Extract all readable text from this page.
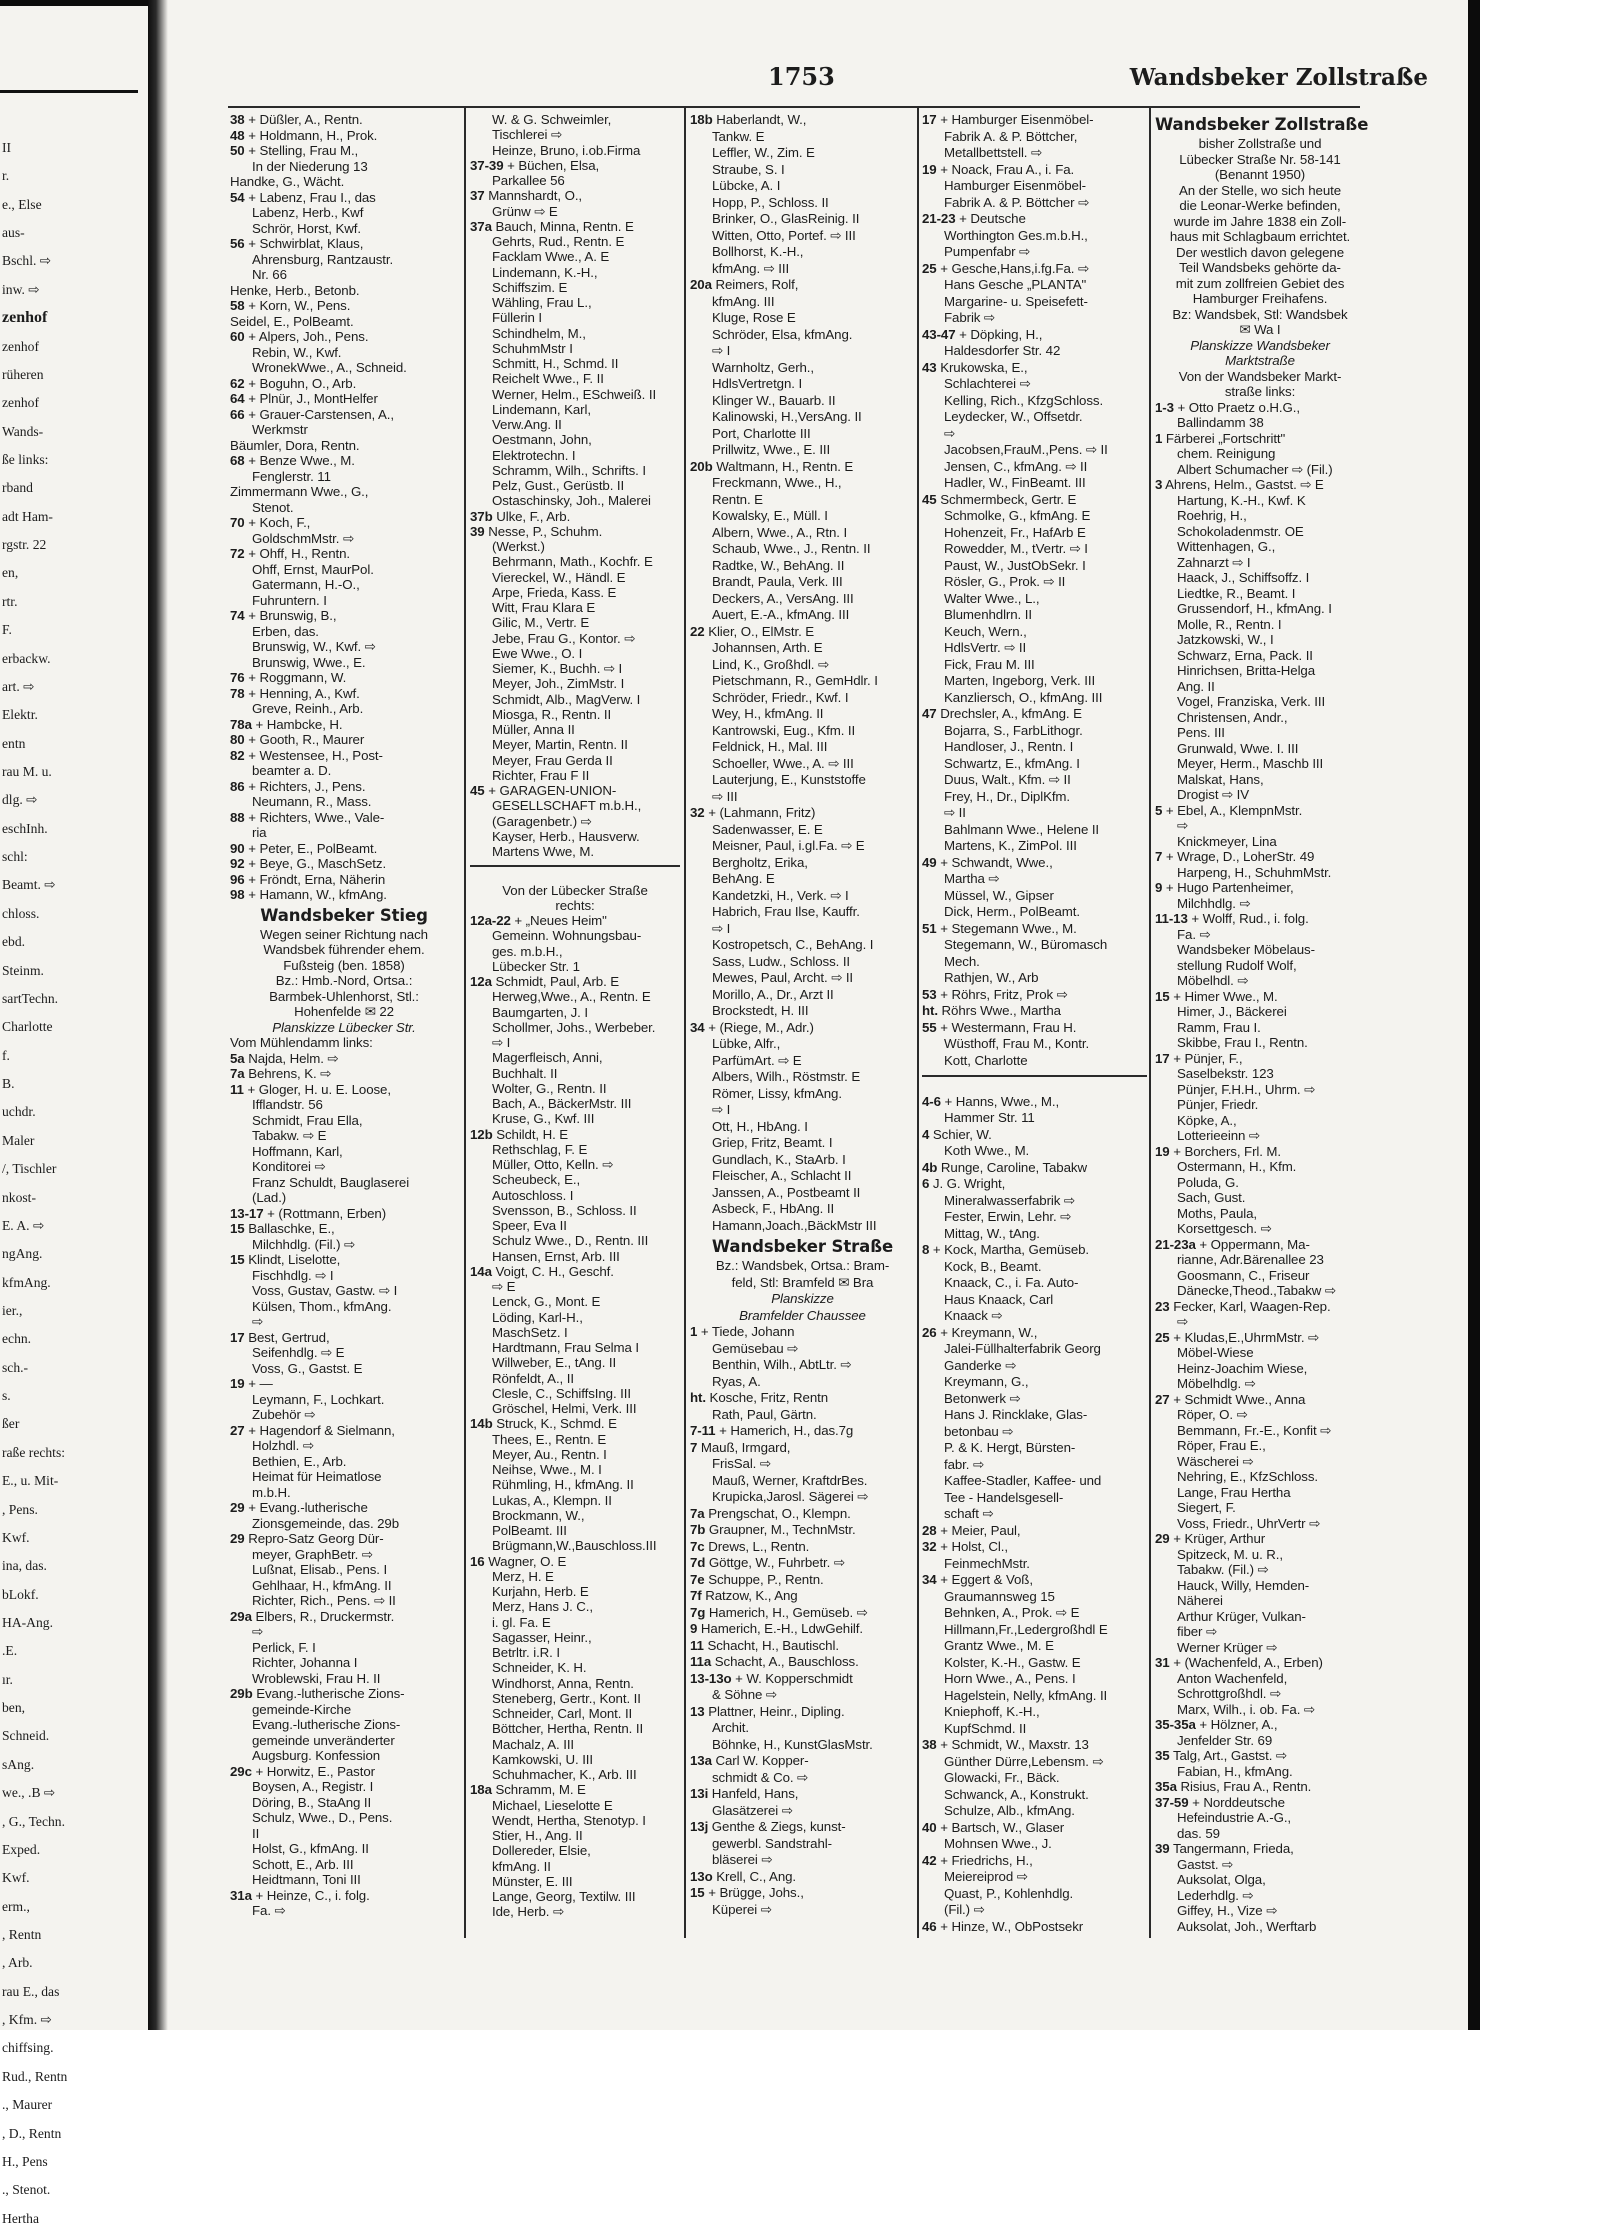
II
r.
e., Else
aus-
Bschl. ⇨
inw. ⇨
zenhof
zenhof
rüheren
zenhof
Wands-
ße links:
rband
adt Ham-
rgstr. 22
en,
rtr.
F.
erbackw.
art. ⇨
Elektr.
entn
rau M. u.
dlg. ⇨
eschInh.
schl:
Beamt. ⇨
chloss.
ebd.
Steinm.
sartTechn.
Charlotte
f.
B.
uchdr.
Maler
/, Tischler
nkost-
E. A. ⇨
ngAng.
kfmAng.
ier.,
echn.
sch.-
s.
ßer
raße rechts:
E., u. Mit-
, Pens.
Kwf.
ina, das.
bLokf.
HA-Ang.
.E.
ır.
ben,
Schneid.
sAng.
we., .B ⇨
, G., Techn.
Exped.
Kwf.
erm.,
, Rentn
, Arb.
rau E., das
, Kfm. ⇨
chiffsing.
Rud., Rentn
., Maurer
, D., Rentn
H., Pens
., Stenot.
Hertha
1753	Wandsbeker Zollstraße
38 + Düßler, A., Rentn.
48 + Holdmann, H., Prok.
50 + Stelling, Frau M.,
In der Niederung 13
Handke, G., Wächt.
54 + Labenz, Frau I., das
Labenz, Herb., Kwf
Schrör, Horst, Kwf.
56 + Schwirblat, Klaus,
Ahrensburg, Rantzaustr.
Nr. 66
Henke, Herb., Betonb.
58 + Korn, W., Pens.
Seidel, E., PolBeamt.
60 + Alpers, Joh., Pens.
Rebin, W., Kwf.
WronekWwe., A., Schneid.
62 + Boguhn, O., Arb.
64 + Plnür, J., MontHelfer
66 + Grauer-Carstensen, A.,
Werkmstr
Bäumler, Dora, Rentn.
68 + Benze Wwe., M.
Fenglerstr. 11
Zimmermann Wwe., G.,
Stenot.
70 + Koch, F.,
GoldschmMstr. ⇨
72 + Ohff, H., Rentn.
Ohff, Ernst, MaurPol.
Gatermann, H.-O.,
Fuhruntern. I
74 + Brunswig, B.,
Erben, das.
Brunswig, W., Kwf. ⇨
Brunswig, Wwe., E.
76 + Roggmann, W.
78 + Henning, A., Kwf.
Greve, Reinh., Arb.
78a + Hambcke, H.
80 + Gooth, R., Maurer
82 + Westensee, H., Post-
beamter a. D.
86 + Richters, J., Pens.
Neumann, R., Mass.
88 + Richters, Wwe., Vale-
ria
90 + Peter, E., PolBeamt.
92 + Beye, G., MaschSetz.
96 + Fröndt, Erna, Näherin
98 + Hamann, W., kfmAng.
Wandsbeker Stieg
Wegen seiner Richtung nach
Wandsbek führender ehem.
Fußsteig (ben. 1858)
Bz.: Hmb.-Nord, Ortsa.:
Barmbek-Uhlenhorst, Stl.:
Hohenfelde ✉ 22
Planskizze Lübecker Str.
Vom Mühlendamm links:
5a Najda, Helm. ⇨
7a Behrens, K. ⇨
11 + Gloger, H. u. E. Loose,
Ifflandstr. 56
Schmidt, Frau Ella,
Tabakw. ⇨ E
Hoffmann, Karl,
Konditorei ⇨
Franz Schuldt, Bauglaserei
(Lad.)
13-17 + (Rottmann, Erben)
15 Ballaschke, E.,
Milchhdlg. (Fil.) ⇨
15 Klindt, Liselotte,
Fischhdlg. ⇨ I
Voss, Gustav, Gastw. ⇨ I
Külsen, Thom., kfmAng.
⇨
17 Best, Gertrud,
Seifenhdlg. ⇨ E
Voss, G., Gastst. E
19 + —
Leymann, F., Lochkart.
Zubehör ⇨
27 + Hagendorf & Sielmann,
Holzhdl. ⇨
Bethien, E., Arb.
Heimat für Heimatlose
m.b.H.
29 + Evang.-lutherische
Zionsgemeinde, das. 29b
29 Repro-Satz Georg Dür-
meyer, GraphBetr. ⇨
Lußnat, Elisab., Pens. I
Gehlhaar, H., kfmAng. II
Richter, Rich., Pens. ⇨ II
29a Elbers, R., Druckermstr.
⇨
Perlick, F. I
Richter, Johanna I
Wroblewski, Frau H. II
29b Evang.-lutherische Zions-
gemeinde-Kirche
Evang.-lutherische Zions-
gemeinde unveränderter
Augsburg. Konfession
29c + Horwitz, E., Pastor
Boysen, A., Registr. I
Döring, B., StaAng II
Schulz, Wwe., D., Pens.
II
Holst, G., kfmAng. II
Schott, E., Arb. III
Heidtmann, Toni III
31a + Heinze, C., i. folg.
Fa. ⇨
W. & G. Schweimler,
Tischlerei ⇨
Heinze, Bruno, i.ob.Firma
37-39 + Büchen, Elsa,
Parkallee 56
37 Mannshardt, O.,
Grünw ⇨ E
37a Bauch, Minna, Rentn. E
Gehrts, Rud., Rentn. E
Facklam Wwe., A. E
Lindemann, K.-H.,
Schiffszim. E
Wähling, Frau L.,
Füllerin I
Schindhelm, M.,
SchuhmMstr I
Schmitt, H., Schmd. II
Reichelt Wwe., F. II
Werner, Helm., ESchweiß. II
Lindemann, Karl,
Verw.Ang. II
Oestmann, John,
Elektrotechn. I
Schramm, Wilh., Schrifts. I
Pelz, Gust., Gerüstb. II
Ostaschinsky, Joh., Malerei
37b Ulke, F., Arb.
39 Nesse, P., Schuhm.
(Werkst.)
Behrmann, Math., Kochfr. E
Viereckel, W., Händl. E
Arpe, Frieda, Kass. E
Witt, Frau Klara E
Gilic, M., Vertr. E
Jebe, Frau G., Kontor. ⇨
Ewe Wwe., O. I
Siemer, K., Buchh. ⇨ I
Meyer, Joh., ZimMstr. I
Schmidt, Alb., MagVerw. I
Miosga, R., Rentn. II
Müller, Anna II
Meyer, Martin, Rentn. II
Meyer, Frau Gerda II
Richter, Frau F II
45 + GARAGEN-UNION-
GESELLSCHAFT m.b.H.,
(Garagenbetr.) ⇨
Kayser, Herb., Hausverw.
Martens Wwe, M.
Von der Lübecker Straße
rechts:
12a-22 + „Neues Heim"
Gemeinn. Wohnungsbau-
ges. m.b.H.,
Lübecker Str. 1
12a Schmidt, Paul, Arb. E
Herweg,Wwe., A., Rentn. E
Baumgarten, J. I
Schollmer, Johs., Werbeber.
⇨ I
Magerfleisch, Anni,
Buchhalt. II
Wolter, G., Rentn. II
Bach, A., BäckerMstr. III
Kruse, G., Kwf. III
12b Schildt, H. E
Rethschlag, F. E
Müller, Otto, Kelln. ⇨
Scheubeck, E.,
Autoschloss. I
Svensson, B., Schloss. II
Speer, Eva II
Schulz Wwe., D., Rentn. III
Hansen, Ernst, Arb. III
14a Voigt, C. H., Geschf.
⇨ E
Lenck, G., Mont. E
Löding, Karl-H.,
MaschSetz. I
Hardtmann, Frau Selma I
Willweber, E., tAng. II
Rönfeldt, A., II
Clesle, C., SchiffsIng. III
Gröschel, Helmi, Verk. III
14b Struck, K., Schmd. E
Thees, E., Rentn. E
Meyer, Au., Rentn. I
Neihse, Wwe., M. I
Rühmling, H., kfmAng. II
Lukas, A., Klempn. II
Brockmann, W.,
PolBeamt. III
Brügmann,W.,Bauschloss.III
16 Wagner, O. E
Merz, H. E
Kurjahn, Herb. E
Merz, Hans J. C.,
i. gl. Fa. E
Sagasser, Heinr.,
Betrltr. i.R. I
Schneider, K. H.
Windhorst, Anna, Rentn.
Steneberg, Gertr., Kont. II
Schneider, Carl, Mont. II
Böttcher, Hertha, Rentn. II
Machalz, A. III
Kamkowski, U. III
Schuhmacher, K., Arb. III
18a Schramm, M. E
Michael, Lieselotte E
Wendt, Hertha, Stenotyp. I
Stier, H., Ang. II
Dollereder, Elsie,
kfmAng. II
Münster, E. III
Lange, Georg, Textilw. III
Ide, Herb. ⇨
18b Haberlandt, W.,
Tankw. E
Leffler, W., Zim. E
Straube, S. I
Lübcke, A. I
Hopp, P., Schloss. II
Brinker, O., GlasReinig. II
Witten, Otto, Portef. ⇨ III
Bollhorst, K.-H.,
kfmAng. ⇨ III
20a Reimers, Rolf,
kfmAng. III
Kluge, Rose E
Schröder, Elsa, kfmAng.
⇨ I
Warnholtz, Gerh.,
HdlsVertretgn. I
Klinger W., Bauarb. II
Kalinowski, H.,VersAng. II
Port, Charlotte III
Prillwitz, Wwe., E. III
20b Waltmann, H., Rentn. E
Freckmann, Wwe., H.,
Rentn. E
Kowalsky, E., Müll. I
Albern, Wwe., A., Rtn. I
Schaub, Wwe., J., Rentn. II
Radtke, W., BehAng. II
Brandt, Paula, Verk. III
Deckers, A., VersAng. III
Auert, E.-A., kfmAng. III
22 Klier, O., ElMstr. E
Johannsen, Arth. E
Lind, K., Großhdl. ⇨
Pietschmann, R., GemHdlr. I
Schröder, Friedr., Kwf. I
Wey, H., kfmAng. II
Kantrowski, Eug., Kfm. II
Feldnick, H., Mal. III
Schoeller, Wwe., A. ⇨ III
Lauterjung, E., Kunststoffe
⇨ III
32 + (Lahmann, Fritz)
Sadenwasser, E. E
Meisner, Paul, i.gl.Fa. ⇨ E
Bergholtz, Erika,
BehAng. E
Kandetzki, H., Verk. ⇨ I
Habrich, Frau Ilse, Kauffr.
⇨ I
Kostropetsch, C., BehAng. I
Sass, Ludw., Schloss. II
Mewes, Paul, Archt. ⇨ II
Morillo, A., Dr., Arzt II
Brockstedt, H. III
34 + (Riege, M., Adr.)
Lübke, Alfr.,
ParfümArt. ⇨ E
Albers, Wilh., Röstmstr. E
Römer, Lissy, kfmAng.
⇨ I
Ott, H., HbAng. I
Griep, Fritz, Beamt. I
Gundlach, K., StaArb. I
Fleischer, A., Schlacht II
Janssen, A., Postbeamt II
Asbeck, F., HbAng. II
Hamann,Joach.,BäckMstr III
Wandsbeker Straße
Bz.: Wandsbek, Ortsa.: Bram-
feld, Stl: Bramfeld ✉ Bra
Planskizze
Bramfelder Chaussee
1 + Tiede, Johann
Gemüsebau ⇨
Benthin, Wilh., AbtLtr. ⇨
Ryas, A.
ht. Kosche, Fritz, Rentn
Rath, Paul, Gärtn.
7-11 + Hamerich, H., das.7g
7 Mauß, Irmgard,
FrisSal. ⇨
Mauß, Werner, KraftdrBes.
Krupicka,Jarosl. Sägerei ⇨
7a Prengschat, O., Klempn.
7b Graupner, M., TechnMstr.
7c Drews, L., Rentn.
7d Göttge, W., Fuhrbetr. ⇨
7e Schuppe, P., Rentn.
7f Ratzow, K., Ang
7g Hamerich, H., Gemüseb. ⇨
9 Hamerich, E.-H., LdwGehilf.
11 Schacht, H., Bautischl.
11a Schacht, A., Bauschloss.
13-13o + W. Kopperschmidt
& Söhne ⇨
13 Plattner, Heinr., Dipling.
Archit.
Böhnke, H., KunstGlasMstr.
13a Carl W. Kopper-
schmidt & Co. ⇨
13i Hanfeld, Hans,
Glasätzerei ⇨
13j Genthe & Ziegs, kunst-
gewerbl. Sandstrahl-
bläserei ⇨
13o Krell, C., Ang.
15 + Brügge, Johs.,
Küperei ⇨
17 + Hamburger Eisenmöbel-
Fabrik A. & P. Böttcher,
Metallbettstell. ⇨
19 + Noack, Frau A., i. Fa.
Hamburger Eisenmöbel-
Fabrik A. & P. Böttcher ⇨
21-23 + Deutsche
Worthington Ges.m.b.H.,
Pumpenfabr ⇨
25 + Gesche,Hans,i.fg.Fa. ⇨
Hans Gesche „PLANTA"
Margarine- u. Speisefett-
Fabrik ⇨
43-47 + Döpking, H.,
Haldesdorfer Str. 42
43 Krukowska, E.,
Schlachterei ⇨
Kelling, Rich., KfzgSchloss.
Leydecker, W., Offsetdr.
⇨
Jacobsen,FrauM.,Pens. ⇨ II
Jensen, C., kfmAng. ⇨ II
Hadler, W., FinBeamt. III
45 Schmermbeck, Gertr. E
Schmolke, G., kfmAng. E
Hohenzeit, Fr., HafArb E
Rowedder, M., tVertr. ⇨ I
Paust, W., JustObSekr. I
Rösler, G., Prok. ⇨ II
Walter Wwe., L.,
Blumenhdlrn. II
Keuch, Wern.,
HdlsVertr. ⇨ II
Fick, Frau M. III
Marten, Ingeborg, Verk. III
Kanzliersch, O., kfmAng. III
47 Drechsler, A., kfmAng. E
Bojarra, S., FarbLithogr.
Handloser, J., Rentn. I
Schwartz, E., kfmAng. I
Duus, Walt., Kfm. ⇨ II
Frey, H., Dr., DiplKfm.
⇨ II
Bahlmann Wwe., Helene II
Martens, K., ZimPol. III
49 + Schwandt, Wwe.,
Martha ⇨
Müssel, W., Gipser
Dick, Herm., PolBeamt.
51 + Stegemann Wwe., M.
Stegemann, W., Büromasch
Mech.
Rathjen, W., Arb
53 + Röhrs, Fritz, Prok ⇨
ht. Röhrs Wwe., Martha
55 + Westermann, Frau H.
Wüsthoff, Frau M., Kontr.
Kott, Charlotte
4-6 + Hanns, Wwe., M.,
Hammer Str. 11
4 Schier, W.
Koth Wwe., M.
4b Runge, Caroline, Tabakw
6 J. G. Wright,
Mineralwasserfabrik ⇨
Fester, Erwin, Lehr. ⇨
Mittag, W., tAng.
8 + Kock, Martha, Gemüseb.
Kock, B., Beamt.
Knaack, C., i. Fa. Auto-
Haus Knaack, Carl
Knaack ⇨
26 + Kreymann, W.,
Jalei-Füllhalterfabrik Georg
Ganderke ⇨
Kreymann, G.,
Betonwerk ⇨
Hans J. Rincklake, Glas-
betonbau ⇨
P. & K. Hergt, Bürsten-
fabr. ⇨
Kaffee-Stadler, Kaffee- und
Tee - Handelsgesell-
schaft ⇨
28 + Meier, Paul,
32 + Holst, Cl.,
FeinmechMstr.
34 + Eggert & Voß,
Graumannsweg 15
Behnken, A., Prok. ⇨ E
Hillmann,Fr.,Ledergroßhdl E
Grantz Wwe., M. E
Kolster, K.-H., Gastw. E
Horn Wwe., A., Pens. I
Hagelstein, Nelly, kfmAng. II
Kniephoff, K.-H.,
KupfSchmd. II
38 + Schmidt, W., Maxstr. 13
Günther Dürre,Lebensm. ⇨
Glowacki, Fr., Bäck.
Schwanck, A., Konstrukt.
Schulze, Alb., kfmAng.
40 + Bartsch, W., Glaser
Mohnsen Wwe., J.
42 + Friedrichs, H.,
Meiereiprod ⇨
Quast, P., Kohlenhdlg.
(Fil.) ⇨
46 + Hinze, W., ObPostsekr
Wandsbeker Zollstraße
bisher Zollstraße und
Lübecker Straße Nr. 58-141
(Benannt 1950)
An der Stelle, wo sich heute
die Leonar-Werke befinden,
wurde im Jahre 1838 ein Zoll-
haus mit Schlagbaum errichtet.
Der westlich davon gelegene
Teil Wandsbeks gehörte da-
mit zum zollfreien Gebiet des
Hamburger Freihafens.
Bz: Wandsbek, Stl: Wandsbek
✉ Wa I
Planskizze Wandsbeker
Marktstraße
Von der Wandsbeker Markt-
straße links:
1-3 + Otto Praetz o.H.G.,
Ballindamm 38
1 Färberei „Fortschritt"
chem. Reinigung
Albert Schumacher ⇨ (Fil.)
3 Ahrens, Helm., Gastst. ⇨ E
Hartung, K.-H., Kwf. K
Roehrig, H.,
Schokoladenmstr. OE
Wittenhagen, G.,
Zahnarzt ⇨ I
Haack, J., Schiffsoffz. I
Liedtke, R., Beamt. I
Grussendorf, H., kfmAng. I
Molle, R., Rentn. I
Jatzkowski, W., I
Schwarz, Erna, Pack. II
Hinrichsen, Britta-Helga
Ang. II
Vogel, Franziska, Verk. III
Christensen, Andr.,
Pens. III
Grunwald, Wwe. I. III
Meyer, Herm., Maschb III
Malskat, Hans,
Drogist ⇨ IV
5 + Ebel, A., KlempnMstr.
⇨
Knickmeyer, Lina
7 + Wrage, D., LoherStr. 49
Harpeng, H., SchuhmMstr.
9 + Hugo Partenheimer,
Milchhdlg. ⇨
11-13 + Wolff, Rud., i. folg.
Fa. ⇨
Wandsbeker Möbelaus-
stellung Rudolf Wolf,
Möbelhdl. ⇨
15 + Himer Wwe., M.
Himer, J., Bäckerei
Ramm, Frau I.
Skibbe, Frau I., Rentn.
17 + Pünjer, F.,
Saselbekstr. 123
Pünjer, F.H.H., Uhrm. ⇨
Pünjer, Friedr.
Köpke, A.,
Lotterieeinn ⇨
19 + Borchers, Frl. M.
Ostermann, H., Kfm.
Poluda, G.
Sach, Gust.
Moths, Paula,
Korsettgesch. ⇨
21-23a + Oppermann, Ma-
rianne, Adr.Bärenallee 23
Goosmann, C., Friseur
Dänecke,Theod.,Tabakw ⇨
23 Fecker, Karl, Waagen-Rep.
⇨
25 + Kludas,E.,UhrmMstr. ⇨
Möbel-Wiese
Heinz-Joachim Wiese,
Möbelhdlg. ⇨
27 + Schmidt Wwe., Anna
Röper, O. ⇨
Bemmann, Fr.-E., Konfit ⇨
Röper, Frau E.,
Wäscherei ⇨
Nehring, E., KfzSchloss.
Lange, Frau Hertha
Siegert, F.
Voss, Friedr., UhrVertr ⇨
29 + Krüger, Arthur
Spitzeck, M. u. R.,
Tabakw. (Fil.) ⇨
Hauck, Willy, Hemden-
Näherei
Arthur Krüger, Vulkan-
fiber ⇨
Werner Krüger ⇨
31 + (Wachenfeld, A., Erben)
Anton Wachenfeld,
Schrottgroßhdl. ⇨
Marx, Wilh., i. ob. Fa. ⇨
35-35a + Hölzner, A.,
Jenfelder Str. 69
35 Talg, Art., Gastst. ⇨
Fabian, H., kfmAng.
35a Risius, Frau A., Rentn.
37-59 + Norddeutsche
Hefeindustrie A.-G.,
das. 59
39 Tangermann, Frieda,
Gastst. ⇨
Auksolat, Olga,
Lederhdlg. ⇨
Giffey, H., Vize ⇨
Auksolat, Joh., Werftarb
